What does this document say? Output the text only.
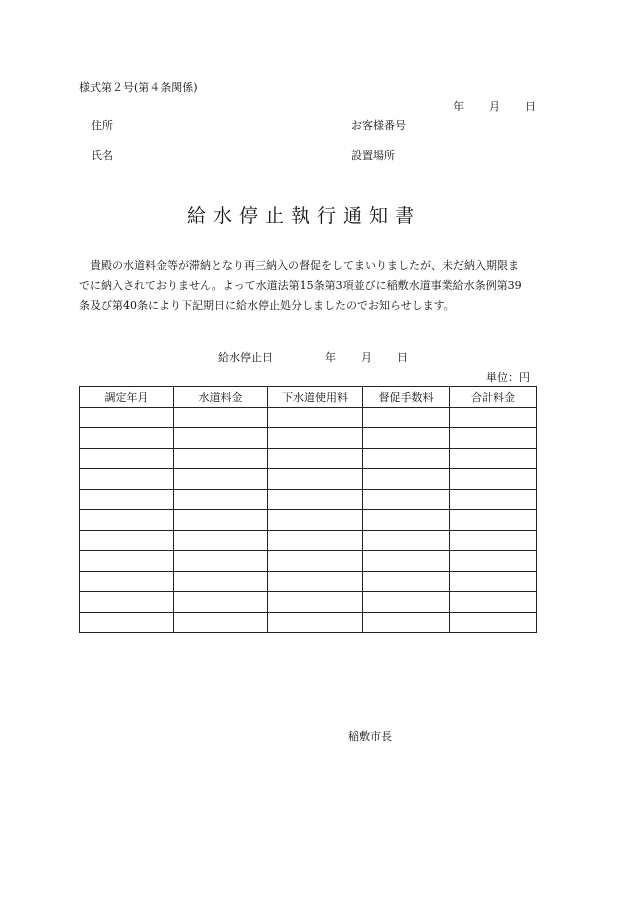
様式第２号(第４条関係)
年 月 日
住所	お客様番号
氏名	設置場所
給水停止執行通知書
　貴殿の水道料金等が滞納となり再三納入の督促をしてまいりましたが、未だ納入期限ま
でに納入されておりません。よって水道法第15条第3項並びに稲敷水道事業給水条例第39
条及び第40条により下記期日に給水停止処分しましたのでお知らせします。
給水停止日	年 月 日
単位：円
調定年月	水道料金	下水道使用料	督促手数料	合計料金

稲敷市長
